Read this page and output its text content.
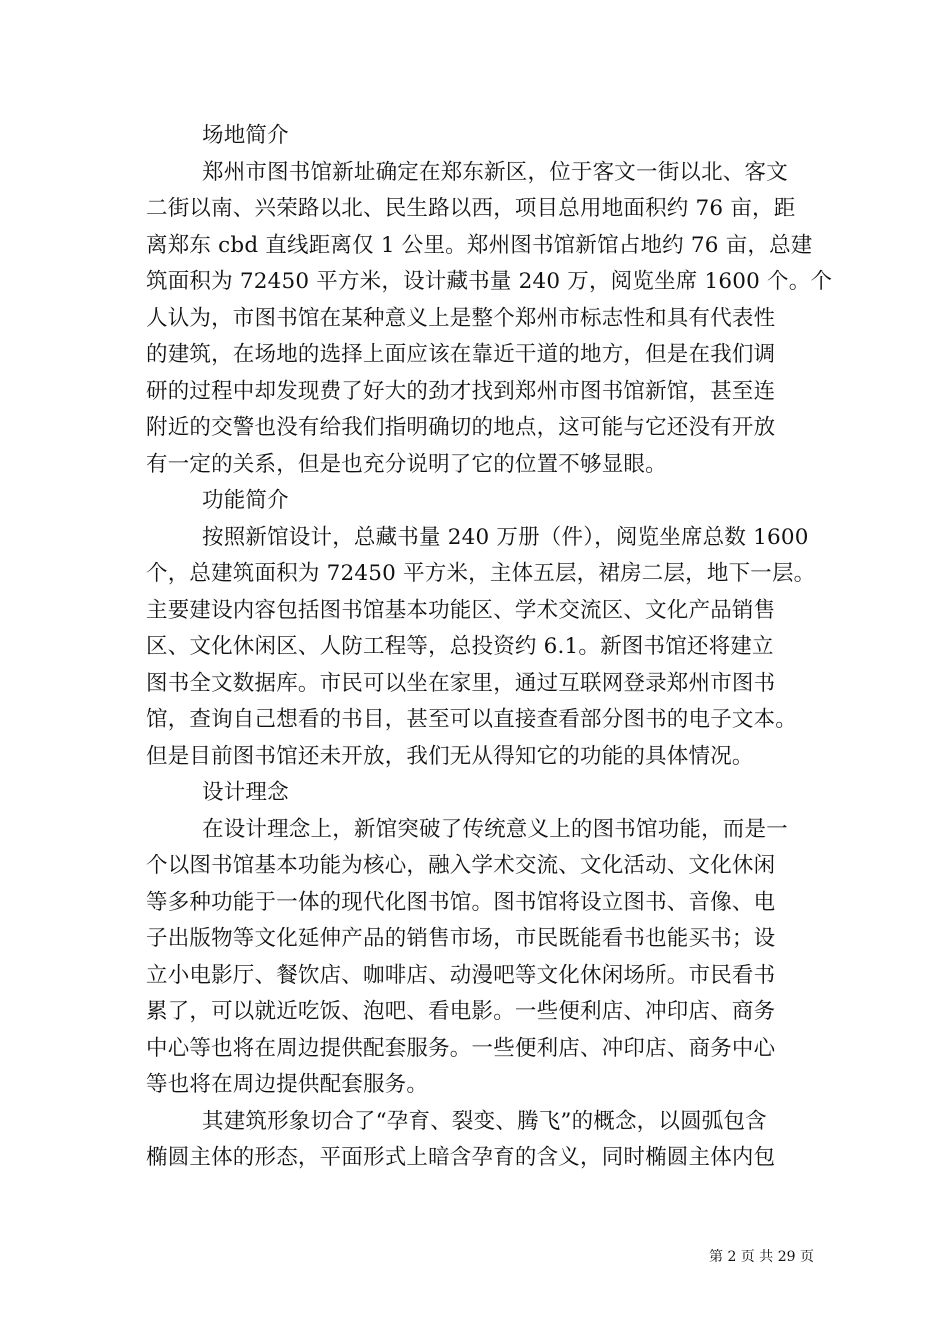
场地简介
郑州市图书馆新址确定在郑东新区，位于客文一街以北、客文
二街以南、兴荣路以北、民生路以西，项目总用地面积约 76 亩，距
离郑东 cbd 直线距离仅 1 公里。郑州图书馆新馆占地约 76 亩，总建
筑面积为 72450 平方米，设计藏书量 240 万，阅览坐席 1600 个。个
人认为，市图书馆在某种意义上是整个郑州市标志性和具有代表性
的建筑，在场地的选择上面应该在靠近干道的地方，但是在我们调
研的过程中却发现费了好大的劲才找到郑州市图书馆新馆，甚至连
附近的交警也没有给我们指明确切的地点，这可能与它还没有开放
有一定的关系，但是也充分说明了它的位置不够显眼。
功能简介
按照新馆设计，总藏书量 240 万册（件），阅览坐席总数 1600
个，总建筑面积为 72450 平方米，主体五层，裙房二层，地下一层。
主要建设内容包括图书馆基本功能区、学术交流区、文化产品销售
区、文化休闲区、人防工程等，总投资约 6.1。新图书馆还将建立
图书全文数据库。市民可以坐在家里，通过互联网登录郑州市图书
馆，查询自己想看的书目，甚至可以直接查看部分图书的电子文本。
但是目前图书馆还未开放，我们无从得知它的功能的具体情况。
设计理念
在设计理念上，新馆突破了传统意义上的图书馆功能，而是一
个以图书馆基本功能为核心，融入学术交流、文化活动、文化休闲
等多种功能于一体的现代化图书馆。图书馆将设立图书、音像、电
子出版物等文化延伸产品的销售市场，市民既能看书也能买书；设
立小电影厅、餐饮店、咖啡店、动漫吧等文化休闲场所。市民看书
累了，可以就近吃饭、泡吧、看电影。一些便利店、冲印店、商务
中心等也将在周边提供配套服务。一些便利店、冲印店、商务中心
等也将在周边提供配套服务。
其建筑形象切合了“孕育、裂变、腾飞”的概念，以圆弧包含
椭圆主体的形态，平面形式上暗含孕育的含义，同时椭圆主体内包
第 2 页 共 29 页
